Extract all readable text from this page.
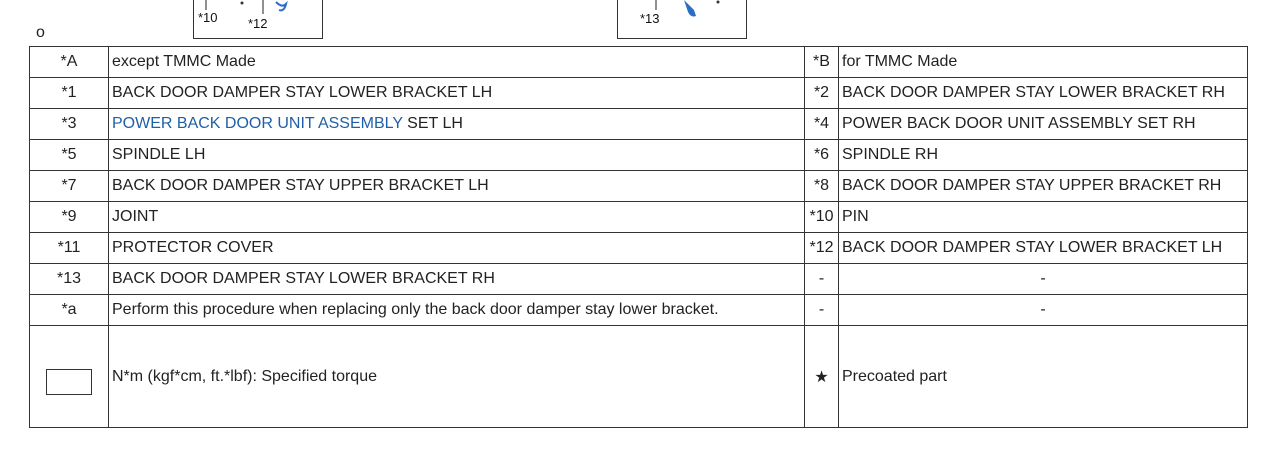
o
*10 *12	*13
*A	except TMMC Made	*B	for TMMC Made
*1	BACK DOOR DAMPER STAY LOWER BRACKET LH	*2	BACK DOOR DAMPER STAY LOWER BRACKET RH
*3	POWER BACK DOOR UNIT ASSEMBLY SET LH	*4	POWER BACK DOOR UNIT ASSEMBLY SET RH
*5	SPINDLE LH	*6	SPINDLE RH
*7	BACK DOOR DAMPER STAY UPPER BRACKET LH	*8	BACK DOOR DAMPER STAY UPPER BRACKET RH
*9	JOINT	*10	PIN
*11	PROTECTOR COVER	*12	BACK DOOR DAMPER STAY LOWER BRACKET LH
*13	BACK DOOR DAMPER STAY LOWER BRACKET RH	-	-
*a	Perform this procedure when replacing only the back door damper stay lower bracket.	-	-
	N*m (kgf*cm, ft.*lbf): Specified torque	★	Precoated part
